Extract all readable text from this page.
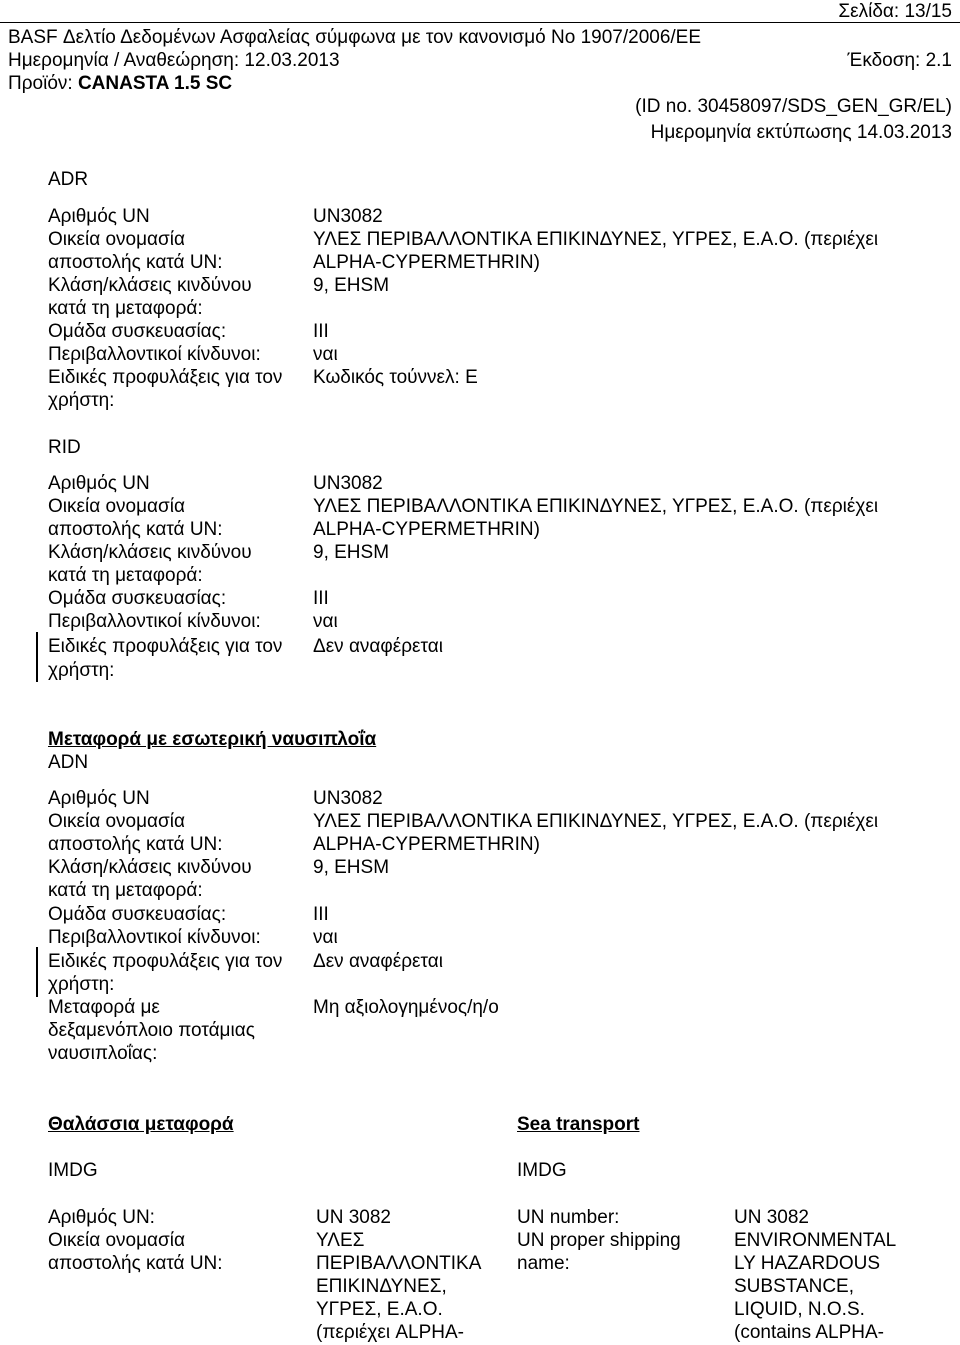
Σελίδα: 13/15
BASF Δελτίο Δεδομένων Ασφαλείας σύμφωνα με τον κανονισμό No 1907/2006/ΕΕ
Ημερομηνία / Αναθεώρηση: 12.03.2013	Έκδοση: 2.1
Προϊόν: CANASTA 1.5 SC
(ID no. 30458097/SDS_GEN_GR/EL)
Ημερομηνία εκτύπωσης 14.03.2013
ADR
Αριθμός UN
Οικεία ονομασία
αποστολής κατά UN:
Κλάση/κλάσεις κινδύνου
κατά τη μεταφορά:
Ομάδα συσκευασίας:
Περιβαλλοντικοί κίνδυνοι:
Ειδικές προφυλάξεις για τον
χρήστη:
UN3082
ΥΛΕΣ ΠΕΡΙΒΑΛΛΟΝΤΙΚΑ ΕΠΙΚΙΝΔΥΝΕΣ, ΥΓΡΕΣ, Ε.Α.Ο. (περιέχει
ALPHA-CYPERMETHRIN)
9, EHSM
III
ναι
Κωδικός τούννελ: E
RID
Αριθμός UN
Οικεία ονομασία
αποστολής κατά UN:
Κλάση/κλάσεις κινδύνου
κατά τη μεταφορά:
Ομάδα συσκευασίας:
Περιβαλλοντικοί κίνδυνοι:
Ειδικές προφυλάξεις για τον
χρήστη:
UN3082
ΥΛΕΣ ΠΕΡΙΒΑΛΛΟΝΤΙΚΑ ΕΠΙΚΙΝΔΥΝΕΣ, ΥΓΡΕΣ, Ε.Α.Ο. (περιέχει
ALPHA-CYPERMETHRIN)
9, EHSM
III
ναι
Δεν αναφέρεται
Μεταφορά με εσωτερική ναυσιπλοΐα
ADN
Αριθμός UN
Οικεία ονομασία
αποστολής κατά UN:
Κλάση/κλάσεις κινδύνου
κατά τη μεταφορά:
Ομάδα συσκευασίας:
Περιβαλλοντικοί κίνδυνοι:
Ειδικές προφυλάξεις για τον
χρήστη:
Μεταφορά με
δεξαμενόπλοιο ποτάμιας
ναυσιπλοΐας:
UN3082
ΥΛΕΣ ΠΕΡΙΒΑΛΛΟΝΤΙΚΑ ΕΠΙΚΙΝΔΥΝΕΣ, ΥΓΡΕΣ, Ε.Α.Ο. (περιέχει
ALPHA-CYPERMETHRIN)
9, EHSM
III
ναι
Δεν αναφέρεται
Μη αξιολογημένος/η/ο
Θαλάσσια μεταφορά
IMDG
Αριθμός UN:
Οικεία ονομασία
αποστολής κατά UN:
UN 3082
ΥΛΕΣ
ΠΕΡΙΒΑΛΛΟΝΤΙΚΑ
ΕΠΙΚΙΝΔΥΝΕΣ,
ΥΓΡΕΣ, Ε.Α.Ο.
(περιέχει ALPHA-
Sea transport
IMDG
UN number:
UN proper shipping
name:
UN 3082
ENVIRONMENTAL
LY HAZARDOUS
SUBSTANCE,
LIQUID, N.O.S.
(contains ALPHA-
